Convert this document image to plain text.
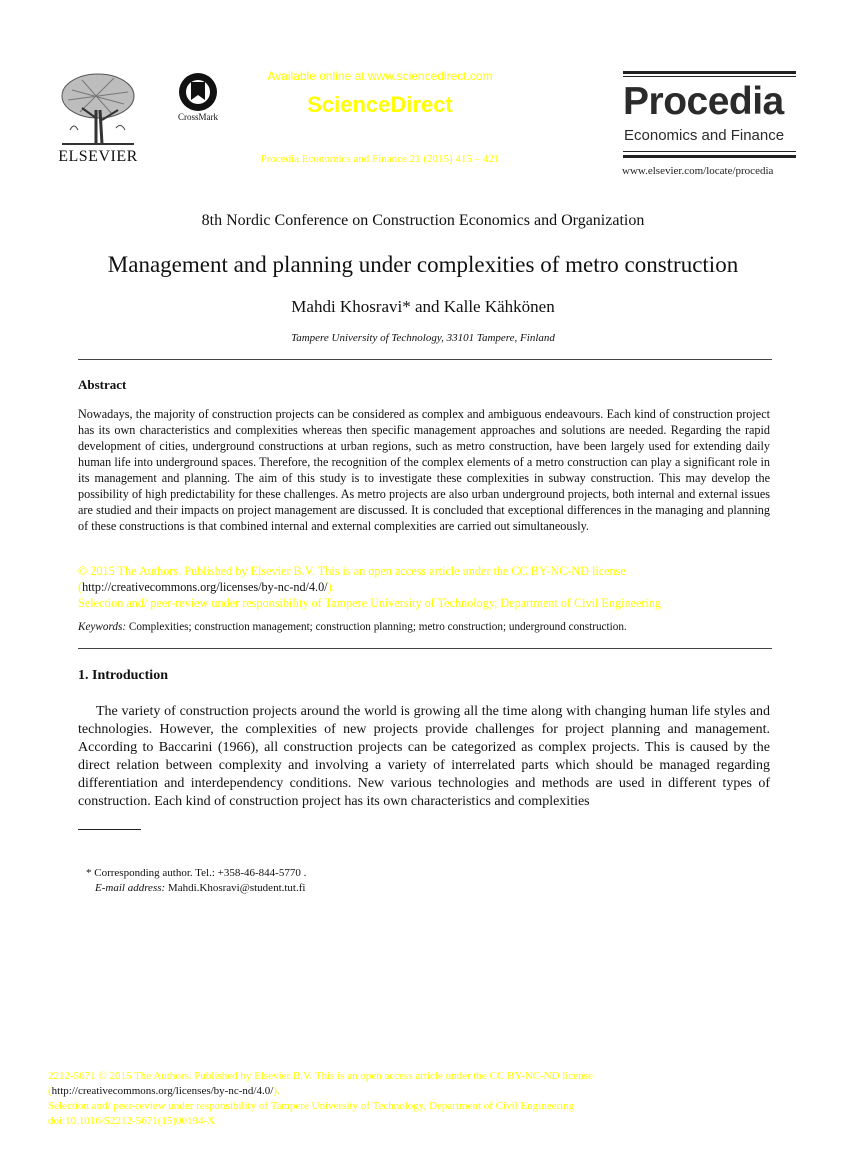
ELSEVIER
CrossMark
Available online at www.sciencedirect.com
ScienceDirect
Procedia Economics and Finance 21 (2015) 415 – 421
Procedia
Economics and Finance
www.elsevier.com/locate/procedia
8th Nordic Conference on Construction Economics and Organization
Management and planning under complexities of metro construction
Mahdi Khosravi* and Kalle Kähkönen
Tampere University of Technology, 33101 Tampere, Finland
Abstract
Nowadays, the majority of construction projects can be considered as complex and ambiguous endeavours. Each kind of construction project has its own characteristics and complexities whereas then specific management approaches and solutions are needed. Regarding the rapid development of cities, underground constructions at urban regions, such as metro construction, have been largely used for extending daily human life into underground spaces. Therefore, the recognition of the complex elements of a metro construction can play a significant role in its management and planning. The aim of this study is to investigate these complexities in subway construction. This may develop the possibility of high predictability for these challenges. As metro projects are also urban underground projects, both internal and external issues are studied and their impacts on project management are discussed. It is concluded that exceptional differences in the managing and planning of these constructions is that combined internal and external complexities are carried out simultaneously.
© 2015 The Authors. Published by Elsevier B.V. This is an open access article under the CC BY-NC-ND license
(http://creativecommons.org/licenses/by-nc-nd/4.0/).
Selection and/ peer-review under responsibility of Tampere University of Technology, Department of Civil Engineering
Keywords: Complexities; construction management; construction planning; metro construction; underground construction.
1. Introduction
The variety of construction projects around the world is growing all the time along with changing human life styles and technologies. However, the complexities of new projects provide challenges for project planning and management. According to Baccarini (1966), all construction projects can be categorized as complex projects. This is caused by the direct relation between complexity and involving a variety of interrelated parts which should be managed regarding differentiation and interdependency conditions. New various technologies and methods are used in different types of construction. Each kind of construction project has its own characteristics and complexities
* Corresponding author. Tel.: +358-46-844-5770 .
E-mail address: Mahdi.Khosravi@student.tut.fi
2212-5671 © 2015 The Authors. Published by Elsevier B.V. This is an open access article under the CC BY-NC-ND license
(http://creativecommons.org/licenses/by-nc-nd/4.0/).
Selection and/ peer-review under responsibility of Tampere University of Technology, Department of Civil Engineering
doi:10.1016/S2212-5671(15)00194-X
